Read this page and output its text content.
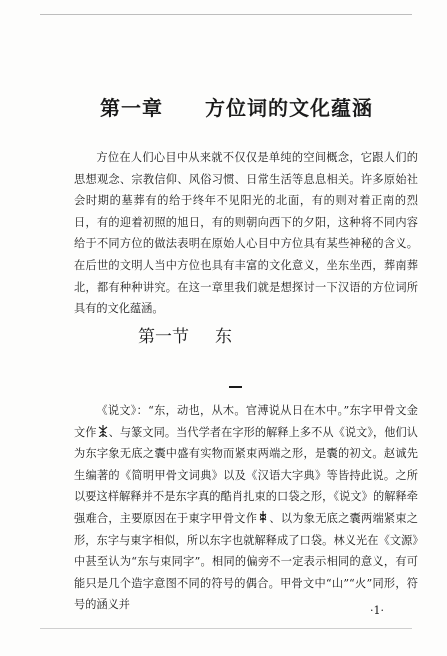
第一章 方位词的文化蕴涵

方位在人们心目中从来就不仅仅是单纯的空间概念，它跟人们的思想观念、宗教信仰、风俗习惯、日常生活等息息相关。许多原始社会时期的墓葬有的给于终年不见阳光的北面，有的则对着正南的烈日，有的迎着初照的旭日，有的则朝向西下的夕阳，这种将不同内容给于不同方位的做法表明在原始人心目中方位具有某些神秘的含义。在后世的文明人当中方位也具有丰富的文化意义，坐东坐西，葬南葬北，都有种种讲究。在这一章里我们就是想探讨一下汉语的方位词所具有的文化蕴涵。

第一节 东

《说文》：“东，动也，从木。官溥说从日在木中。”东字甲骨文金文作 、与篆文同。当代学者在字形的解释上多不从《说文》，他们认为东字象无底之囊中盛有实物而紧束两端之形，是囊的初文。赵诚先生编著的《简明甲骨文词典》以及《汉语大字典》等皆持此说。之所以要这样解释并不是东字真的酷肖扎束的口袋之形，《说文》的解释牵强难合，主要原因在于東字甲骨文作 、以为象无底之囊两端紧束之形，东字与東字相似，所以东字也就解释成了口袋。林义光在《文源》中甚至认为“东与束同字”。相同的偏旁不一定表示相同的意义，有可能只是几个造字意图不同的符号的偶合。甲骨文中“山”“火”同形，符号的涵义并	·1·
